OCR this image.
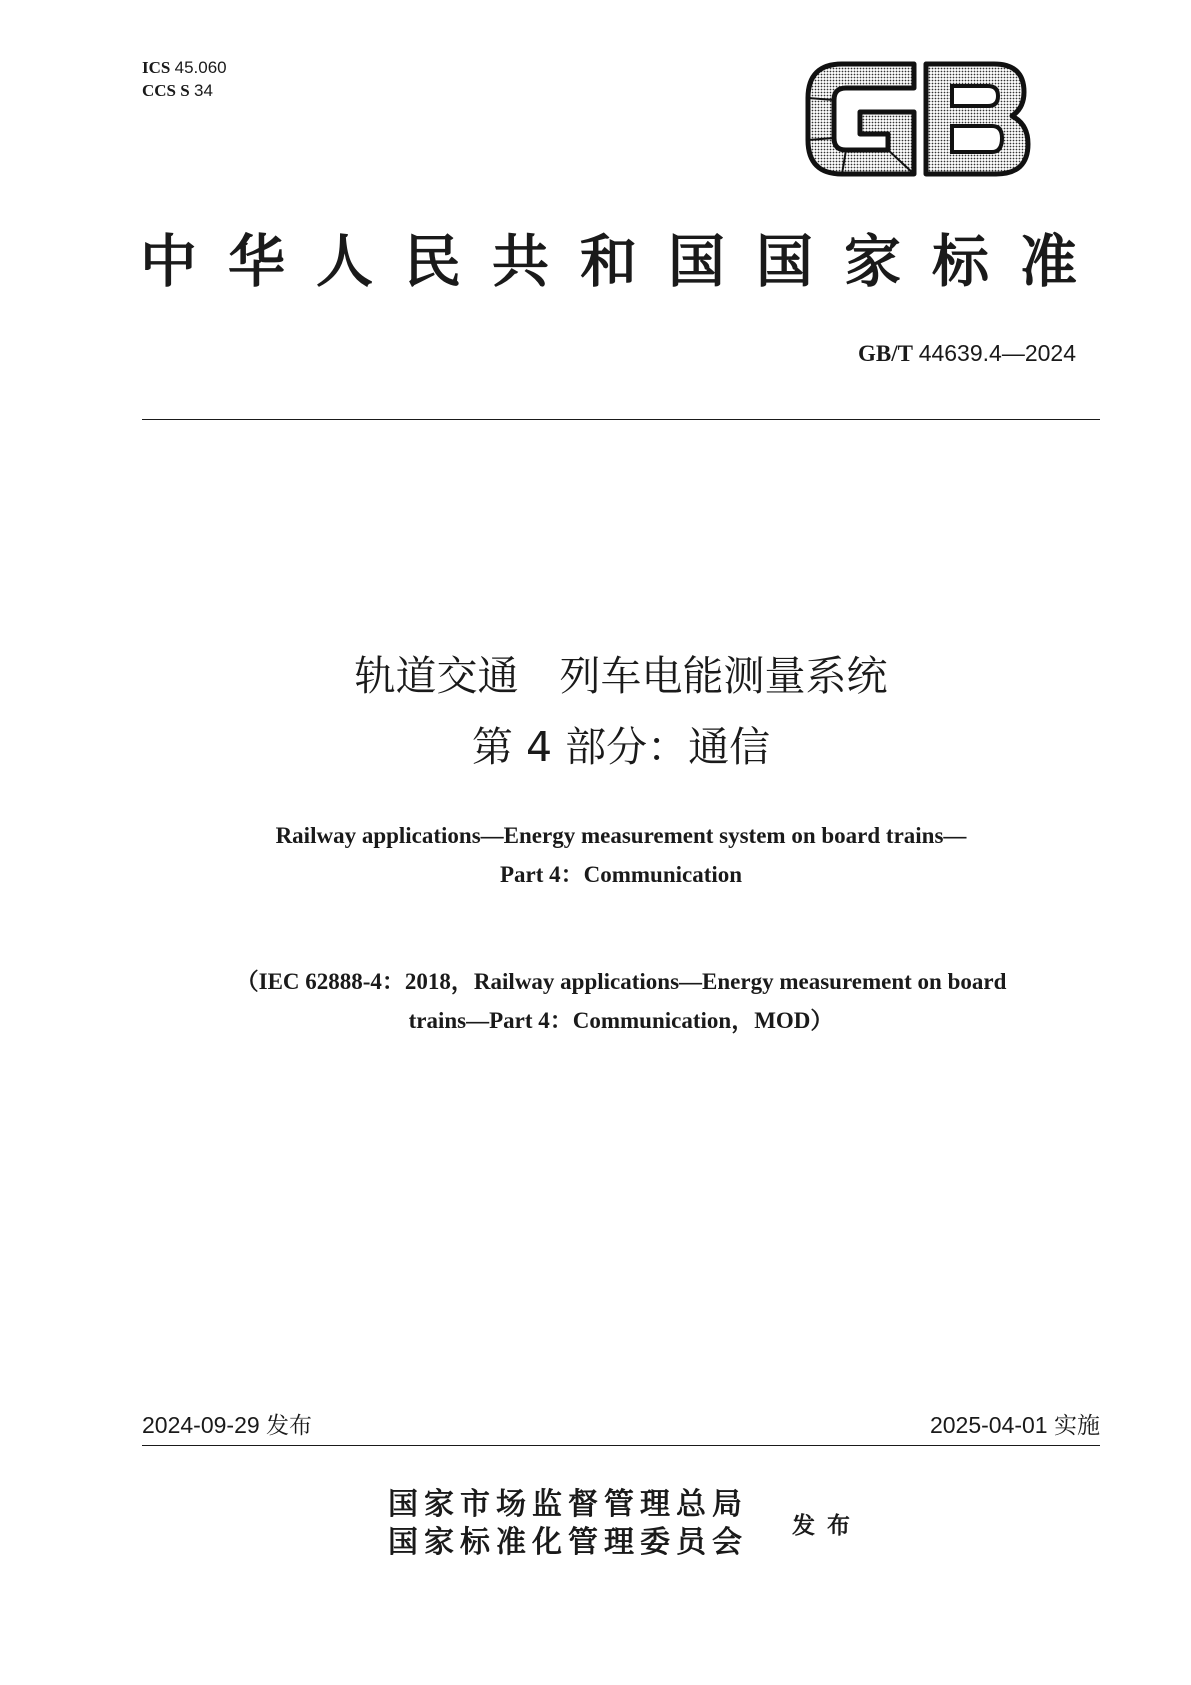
ICS 45.060
CCS S 34
中华人民共和国国家标准
GB/T 44639.4—2024
轨道交通　列车电能测量系统
第 4 部分：通信
Railway applications—Energy measurement system on board trains—
Part 4：Communication
（IEC 62888-4：2018，Railway applications—Energy measurement on board
trains—Part 4：Communication，MOD）
2024-09-29 发布	2025-04-01 实施
国家市场监督管理总局
国家标准化管理委员会 发布
